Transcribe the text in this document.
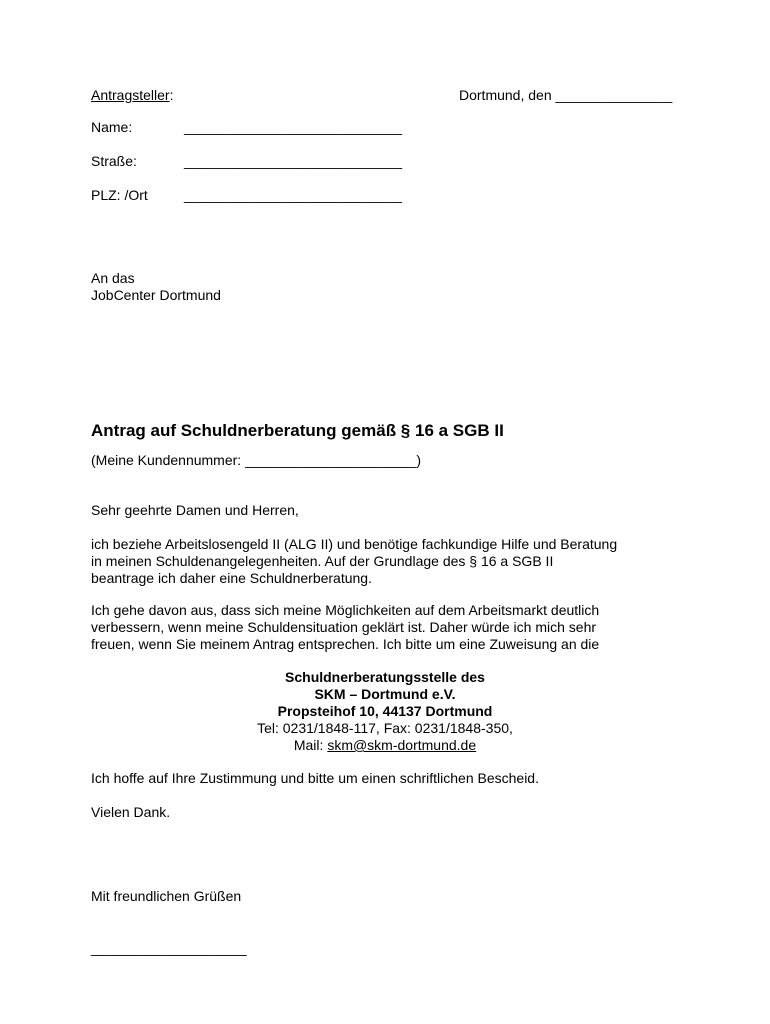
Antragsteller:	Dortmund, den _______________
Name:	____________________________
Straße:	____________________________
PLZ: /Ort	____________________________
An das
JobCenter Dortmund
Antrag auf Schuldnerberatung gemäß § 16 a SGB II
(Meine Kundennummer: ______________________)
Sehr geehrte Damen und Herren,
ich beziehe Arbeitslosengeld II (ALG II) und benötige fachkundige Hilfe und Beratung
in meinen Schuldenangelegenheiten. Auf der Grundlage des § 16 a SGB II
beantrage ich daher eine Schuldnerberatung.
Ich gehe davon aus, dass sich meine Möglichkeiten auf dem Arbeitsmarkt deutlich
verbessern, wenn meine Schuldensituation geklärt ist. Daher würde ich mich sehr
freuen, wenn Sie meinem Antrag entsprechen. Ich bitte um eine Zuweisung an die
Schuldnerberatungsstelle des
SKM – Dortmund e.V.
Propsteihof 10, 44137 Dortmund
Tel: 0231/1848-117, Fax: 0231/1848-350,
Mail: skm@skm-dortmund.de
Ich hoffe auf Ihre Zustimmung und bitte um einen schriftlichen Bescheid.
Vielen Dank.
Mit freundlichen Grüßen
____________________
